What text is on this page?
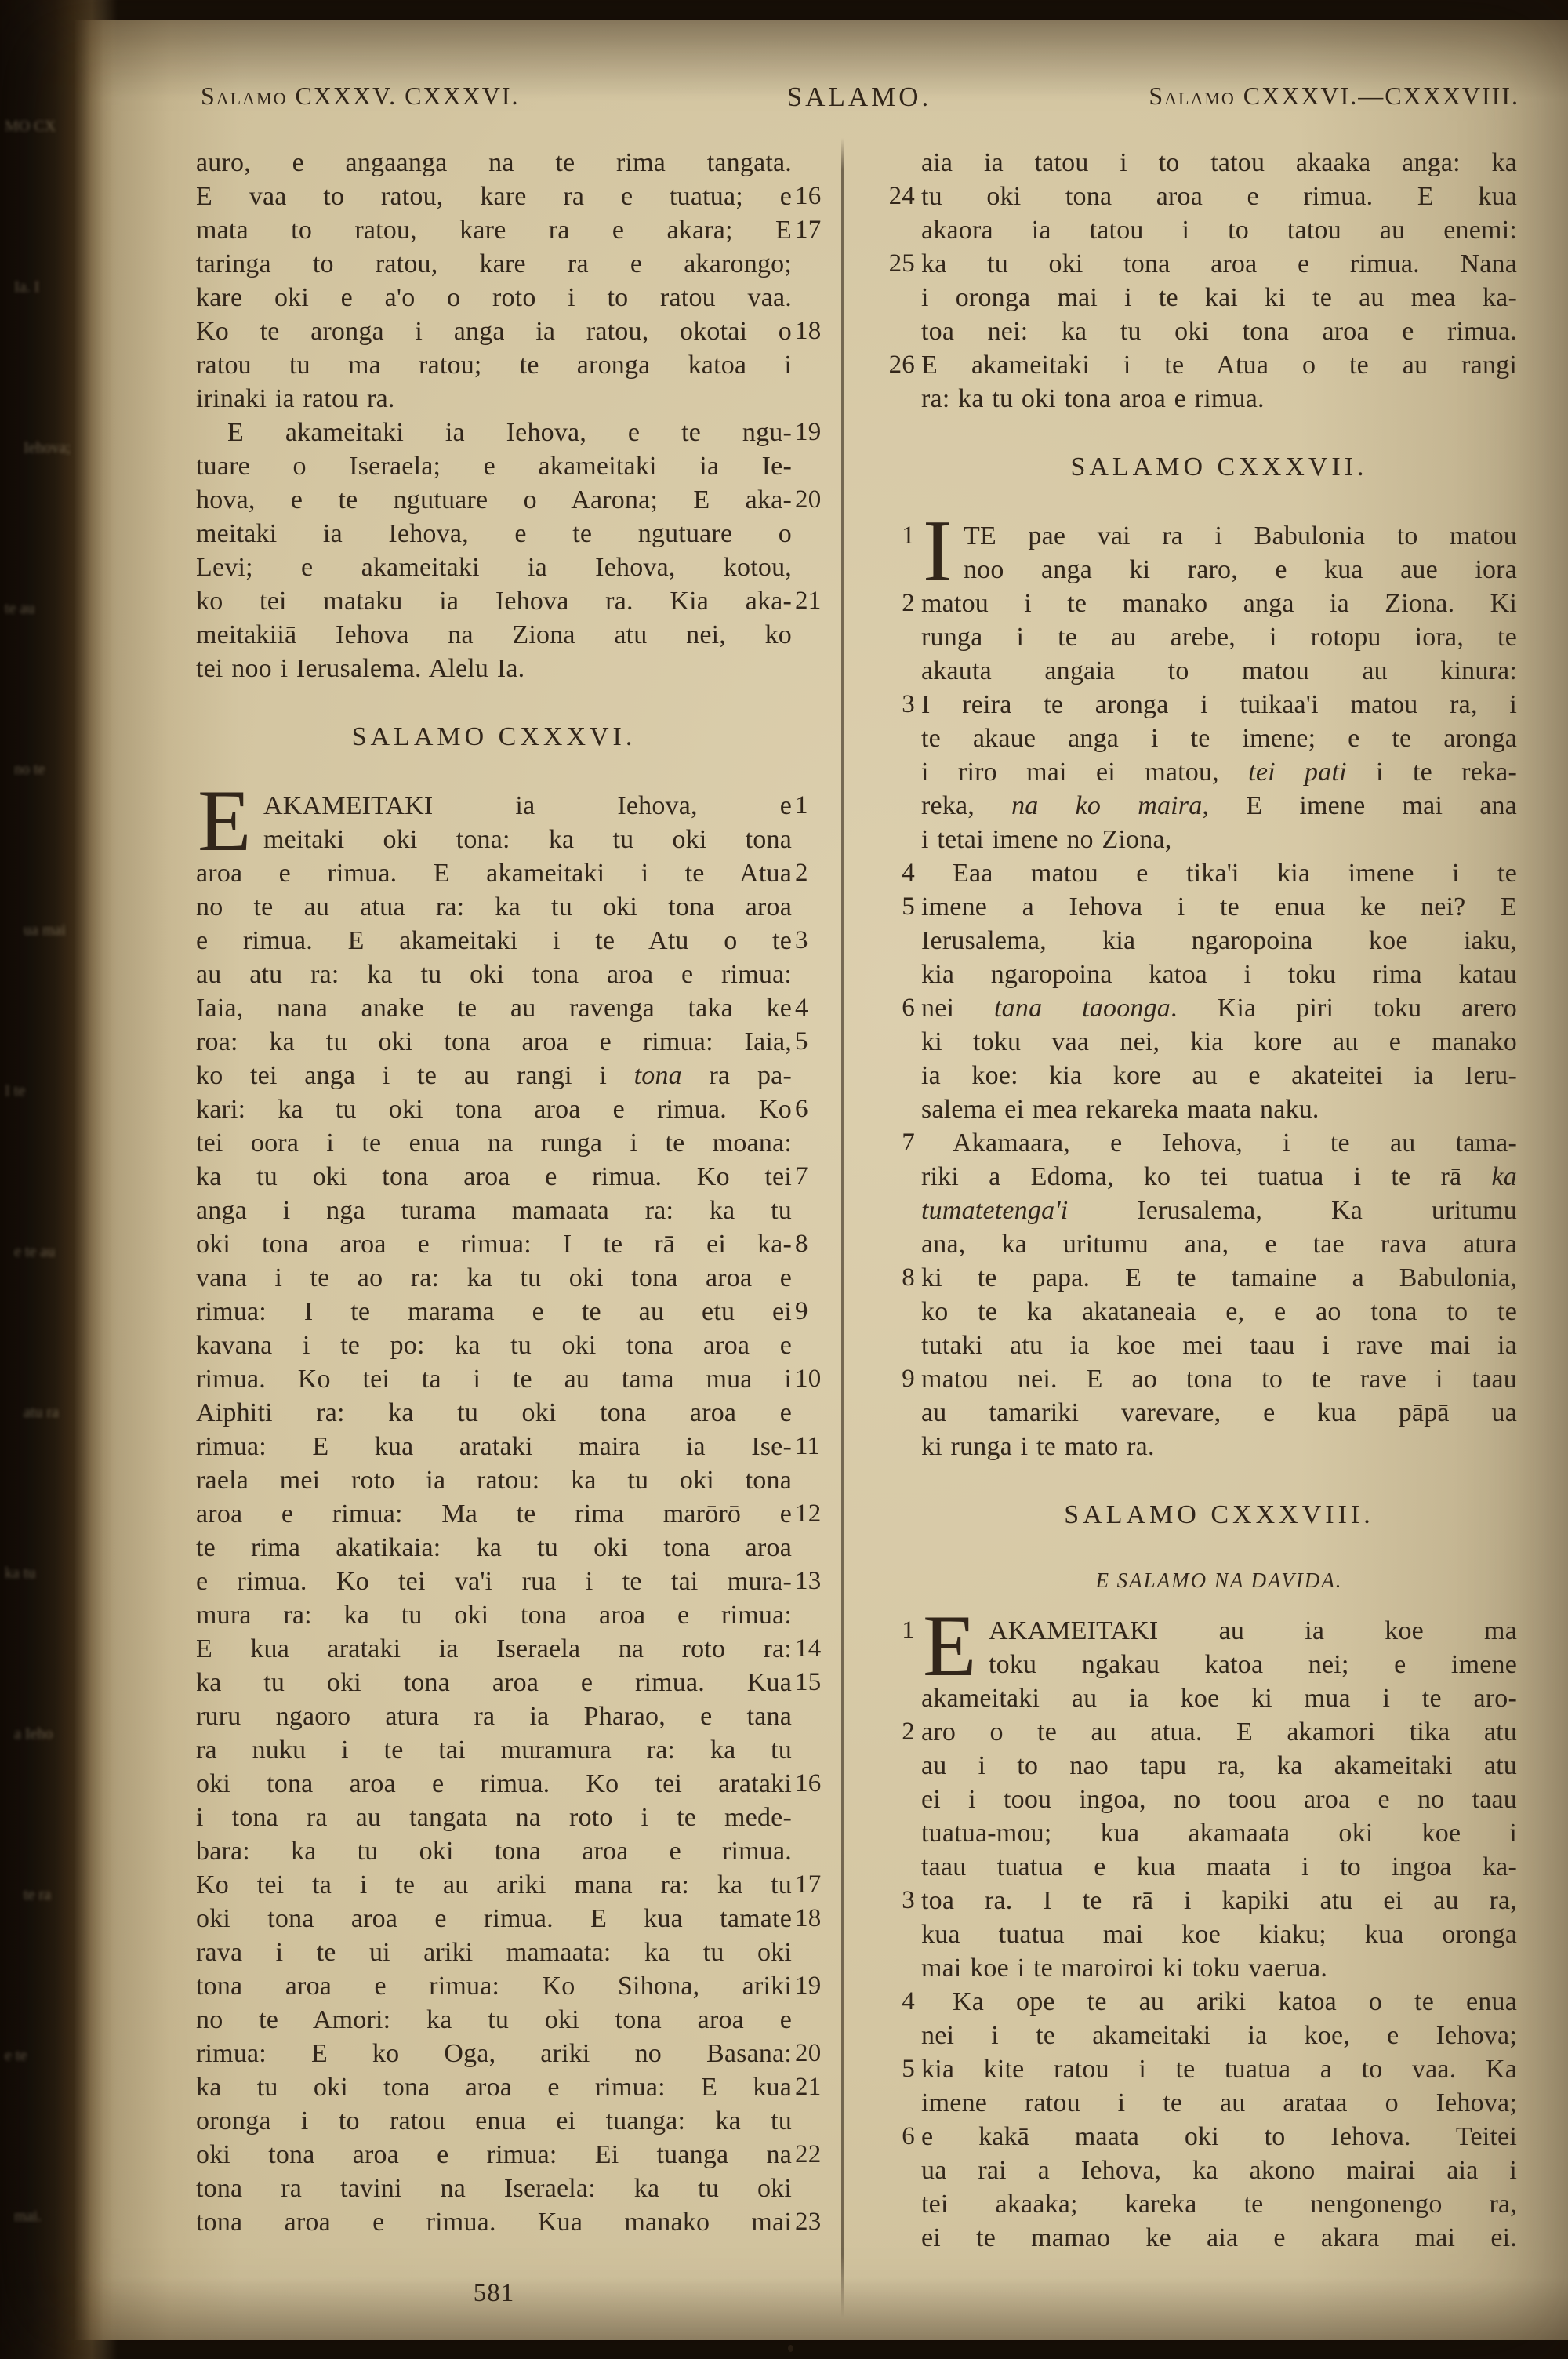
Salamo CXXXV. CXXXVI.	SALAMO.	Salamo CXXXVI.—CXXXVIII.
auro, e angaanga na te rima tangata.
E vaa to ratou, kare ra e tuatua; e 16
mata to ratou, kare ra e akara; E 17
taringa to ratou, kare ra e akarongo;
kare oki e a'o o roto i to ratou vaa.
Ko te aronga i anga ia ratou, okotai o 18
ratou tu ma ratou; te aronga katoa i
irinaki ia ratou ra.
E akameitaki ia Iehova, e te ngu- 19
tuare o Iseraela; e akameitaki ia Ie-
hova, e te ngutuare o Aarona; E aka- 20
meitaki ia Iehova, e te ngutuare o
Levi; e akameitaki ia Iehova, kotou,
ko tei mataku ia Iehova ra. Kia aka- 21
meitakiiā Iehova na Ziona atu nei, ko
tei noo i Ierusalema. Alelu Ia.
SALAMO CXXXVI.
E AKAMEITAKI ia Iehova, e 1
meitaki oki tona: ka tu oki tona
aroa e rimua. E akameitaki i te Atua 2
no te au atua ra: ka tu oki tona aroa
e rimua. E akameitaki i te Atu o te 3
au atu ra: ka tu oki tona aroa e rimua:
Iaia, nana anake te au ravenga taka ke 4
roa: ka tu oki tona aroa e rimua: Iaia, 5
ko tei anga i te au rangi i tona ra pa-
kari: ka tu oki tona aroa e rimua. Ko 6
tei oora i te enua na runga i te moana:
ka tu oki tona aroa e rimua. Ko tei 7
anga i nga turama mamaata ra: ka tu
oki tona aroa e rimua: I te rā ei ka- 8
vana i te ao ra: ka tu oki tona aroa e
rimua: I te marama e te au etu ei 9
kavana i te po: ka tu oki tona aroa e
rimua. Ko tei ta i te au tama mua i 10
Aiphiti ra: ka tu oki tona aroa e
rimua: E kua arataki maira ia Ise- 11
raela mei roto ia ratou: ka tu oki tona
aroa e rimua: Ma te rima marōrō e 12
te rima akatikaia: ka tu oki tona aroa
e rimua. Ko tei va'i rua i te tai mura- 13
mura ra: ka tu oki tona aroa e rimua:
E kua arataki ia Iseraela na roto ra: 14
ka tu oki tona aroa e rimua. Kua 15
ruru ngaoro atura ra ia Pharao, e tana
ra nuku i te tai muramura ra: ka tu
oki tona aroa e rimua. Ko tei arataki 16
i tona ra au tangata na roto i te mede-
bara: ka tu oki tona aroa e rimua.
Ko tei ta i te au ariki mana ra: ka tu 17
oki tona aroa e rimua. E kua tamate 18
rava i te ui ariki mamaata: ka tu oki
tona aroa e rimua: Ko Sihona, ariki 19
no te Amori: ka tu oki tona aroa e
rimua: E ko Oga, ariki no Basana: 20
ka tu oki tona aroa e rimua: E kua 21
oronga i to ratou enua ei tuanga: ka tu
oki tona aroa e rimua: Ei tuanga na 22
tona ra tavini na Iseraela: ka tu oki
tona aroa e rimua. Kua manako mai 23
aia ia tatou i to tatou akaaka anga: ka
tu oki tona aroa e rimua. E kua
24
akaora ia tatou i to tatou au enemi:
ka tu oki tona aroa e rimua. Nana
25
i oronga mai i te kai ki te au mea ka-
toa nei: ka tu oki tona aroa e rimua.
E akameitaki i te Atua o te au rangi
26
ra: ka tu oki tona aroa e rimua.
SALAMO CXXXVII.
I TE pae vai ra i Babulonia to matou
1
noo anga ki raro, e kua aue iora
matou i te manako anga ia Ziona. Ki
2
runga i te au arebe, i rotopu iora, te
akauta angaia to matou au kinura:
I reira te aronga i tuikaa'i matou ra, i
3
te akaue anga i te imene; e te aronga
i riro mai ei matou, tei pati i te reka-
reka, na ko maira, E imene mai ana
i tetai imene no Ziona,
Eaa matou e tika'i kia imene i te
4
imene a Iehova i te enua ke nei? E
5
Ierusalema, kia ngaropoina koe iaku,
kia ngaropoina katoa i toku rima katau
nei tana taoonga. Kia piri toku arero
6
ki toku vaa nei, kia kore au e manako
ia koe: kia kore au e akateitei ia Ieru-
salema ei mea rekareka maata naku.
Akamaara, e Iehova, i te au tama-
7
riki a Edoma, ko tei tuatua i te rā ka
tumatetenga'i Ierusalema, Ka uritumu
ana, ka uritumu ana, e tae rava atura
ki te papa. E te tamaine a Babulonia,
8
ko te ka akataneaia e, e ao tona to te
tutaki atu ia koe mei taau i rave mai ia
matou nei. E ao tona to te rave i taau
9
au tamariki varevare, e kua pāpā ua
ki runga i te mato ra.
SALAMO CXXXVIII.
E SALAMO NA DAVIDA.
E AKAMEITAKI au ia koe ma
1
toku ngakau katoa nei; e imene
akameitaki au ia koe ki mua i te aro-
aro o te au atua. E akamori tika atu
2
au i to nao tapu ra, ka akameitaki atu
ei i toou ingoa, no toou aroa e no taau
tuatua-mou; kua akamaata oki koe i
taau tuatua e kua maata i to ingoa ka-
toa ra. I te rā i kapiki atu ei au ra,
3
kua tuatua mai koe kiaku; kua oronga
mai koe i te maroiroi ki toku vaerua.
Ka ope te au ariki katoa o te enua
4
nei i te akameitaki ia koe, e Iehova;
kia kite ratou i te tuatua a to vaa. Ka
5
imene ratou i te au arataa o Iehova;
e kakā maata oki to Iehova. Teitei
6
ua rai a Iehova, ka akono mairai aia i
tei akaaka; kareka te nengonengo ra,
ei te mamao ke aia e akara mai ei.
581
MO CX
Ia. I
Iehova;
te au
no te
ua mai
I te
e te au
atu ra
ka tu
a Ieho
te ra
e te
mai.
